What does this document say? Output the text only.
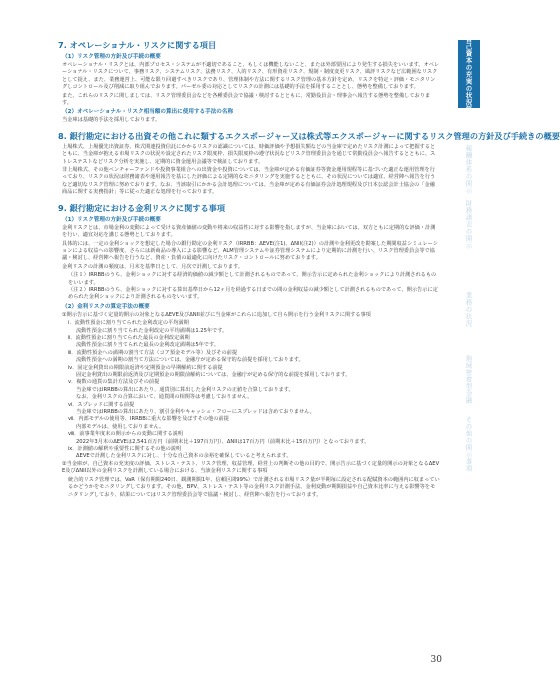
7. オペレーショナル・リスクに関する項目
（1）リスク管理の方針及び手続の概要
オペレーショナル・リスクとは、内部プロセス・システムが不適切であること、もしくは機能しないこと、または外部要因により発生する損失をいいます。オペレーショナル・リスクについて、事務リスク、システムリスク、法務リスク、人的リスク、有形資産リスク、規制・制度変更リスク、風評リスクなど広範囲なリスクとして捉え、また、業務運営上、可能な限り回避すべきリスクであり、管理体制や方法に関するリスク管理の基本方針を定め、リスクを特定・評価・モニタリングしコントロール及び削減に取り組んでおります。パーゼル委の対応としてリスクの計測には基礎的手法を採用することとし、態勢を整備しております。
また、これらのリスクに関しましては、リスク管理委員会などを各種委員会で協議・検討するとともに、常勤役員会・理事会へ報告する態勢を整備しております。
（2）オペレーショナル・リスク相当額の算出に使用する手法の名称
当金庫は基礎的手法を採用しております。
8. 銀行勘定における出資その他これに類するエクスポージャー又は株式等エクスポージャーに関するリスク管理の方針及び手続きの概要
上場株式、上場優先出資証券、株式関連投資信託にかかるリスクの認識については、時価評価や予想損失額などの当金庫で定めたリスク計測によって把握するとともに、当金庫が抱える市場リスクの状況や設定されたリスク限度枠、損失限度枠の遵守状況などリスク管理委員会を通じて常勤役員会へ報告するとともに、ストレステストなどリスク分析を実施し、定期的に資金運用会議等で検証しております。
非上場株式、その他ベンチャーファンドや投資事業組合への出資金や投資については、当金庫が定める有価証券等資金運用規程等に基づいた適正な運用管理を行っており、リスクの状況は財務諸表や運用報告を基にした評価による定期的なモニタリングを実施するとともに、その状況については適宜、経営陣へ報告を行うなど適切なリスク管理に努めております。なお、当該取引にかかる会計処理については、当金庫が定める有価証券会計処理規程及び日本公認会計士協会の「金融商品に関する実務指針」等に従った適正な処理を行っております。
9. 銀行勘定における金利リスクに関する事項
（1）リスク管理の方針及び手続の概要
金利リスクとは、市場金利の変動によって受ける資産価値の変動や将来の収益性に対する影響を指しますが、当金庫においては、双方ともに定期的な評価・計測を行い、適宜対応を講じる態勢としております。
具体的には、一定の金利ショックを想定した場合の銀行勘定の金利リスク（IRRBB：ΔEVE(注1)、ΔNII(注2)）の計測や金利更改を勘案した期間収益シミュレーションによる収益への影響度、さらには新商品の導入による影響など、ALM管理システムや証券管理システムにより定期的に計測を行い、リスク管理委員会等で協議・検討し、経営陣へ報告を行うなど、資産・負債の最適化に向けたリスク・コントロールに努めております。
金利リスクの計測の頻度は、月末を基準日として、月次で計測しております。
（注１）IRRBBのうち、金利ショックに対する経済的価値の減少額として計測されるものであって、開示告示に定められた金利ショックにより計測されるものをいいます。
（注２）IRRBBのうち、金利ショックに対する算出基準日から12ヶ月を経過する日までの間の金利収益の減少額として計測されるものであって、開示告示に定められた金利ショックにより計測されるものをいいます。
（2）金利リスクの算定手法の概要
①開示告示に基づく定量的開示の対象となるΔEVE及びΔNII並びに当金庫がこれらに追加して自ら開示を行う金利リスクに関する事項
ⅰ．流動性預金に割り当てられた金利改定の平均満期
流動性預金に割り当てられた金利改定の平均満期は1.25年です。
ⅱ．流動性預金に割り当てられた最長の金利改定満期
流動性預金に割り当てられた最長の金利改定満期は5年です。
ⅲ．流動性預金への満期の割当て方法（コア預金モデル等）及びその前提
流動性預金への満期の割当て方法については、金融庁が定める保守的な前提を採用しております。
ⅳ．固定金利貸出の期限前返済や定期預金の早期解約に関する前提
固定金利貸出の期限前返済及び定期預金の期限前解約については、金融庁が定める保守的な前提を採用しております。
ⅴ．複数の通貨の集計方法及びその前提
当金庫ではIRRBBの算出にあたり、通貨別に算出した金利リスクの正値を合算しております。
なお、金利リスクの合算において、通貨間の相関等は考慮しておりません。
ⅵ．スプレッドに関する前提
当金庫ではIRRBBの算出にあたり、割引金利やキャッシュ・フローにスプレッドは含めておりません。
ⅶ．内部モデルの使用等、IRRBBに重大な影響を及ぼすその他の前提
内部モデルは、使用しておりません。
ⅷ．前事業年度末の開示からの変動に関する説明
2022年3月末のΔEVEは2,541百万円（前期末比＋197百万円）、ΔNIIは17百万円（前期末比＋15百万円）となっております。
ⅸ．計測値の解釈や重要性に関するその他の説明
ΔEVEで計測した金利リスクに対し、十分な自己資本の余裕を確保していると考えられます。
②当金庫が、自己資本の充実度の評価、ストレス・テスト、リスク管理、収益管理、経営上の判断その他の目的で、開示告示に基づく定量的開示の対象となるΔEVE及びΔNII以外の金利リスクを計測している場合における、当該金利リスクに関する事項
統合的リスク管理では、VaR（保有期間240日、観測期間1年、信頼区間99%）で計測される市場リスク量が半期毎に設定される配賦資本の範囲内に収まっているかどうかをモニタリングしております。その他、BPV、ストレス・テスト等の金利リスク計測手法、金利変動が期間損益や自己資本比率に与える影響等をモニタリングしており、結果についてはリスク管理委員会等で協議・検討し、経営陣へ報告を行っております。
自己資本の充実の状況等
報酬体系の開示
財務諸表の開示
業務の状況
地域密着型金融
その他の開示事項
30
